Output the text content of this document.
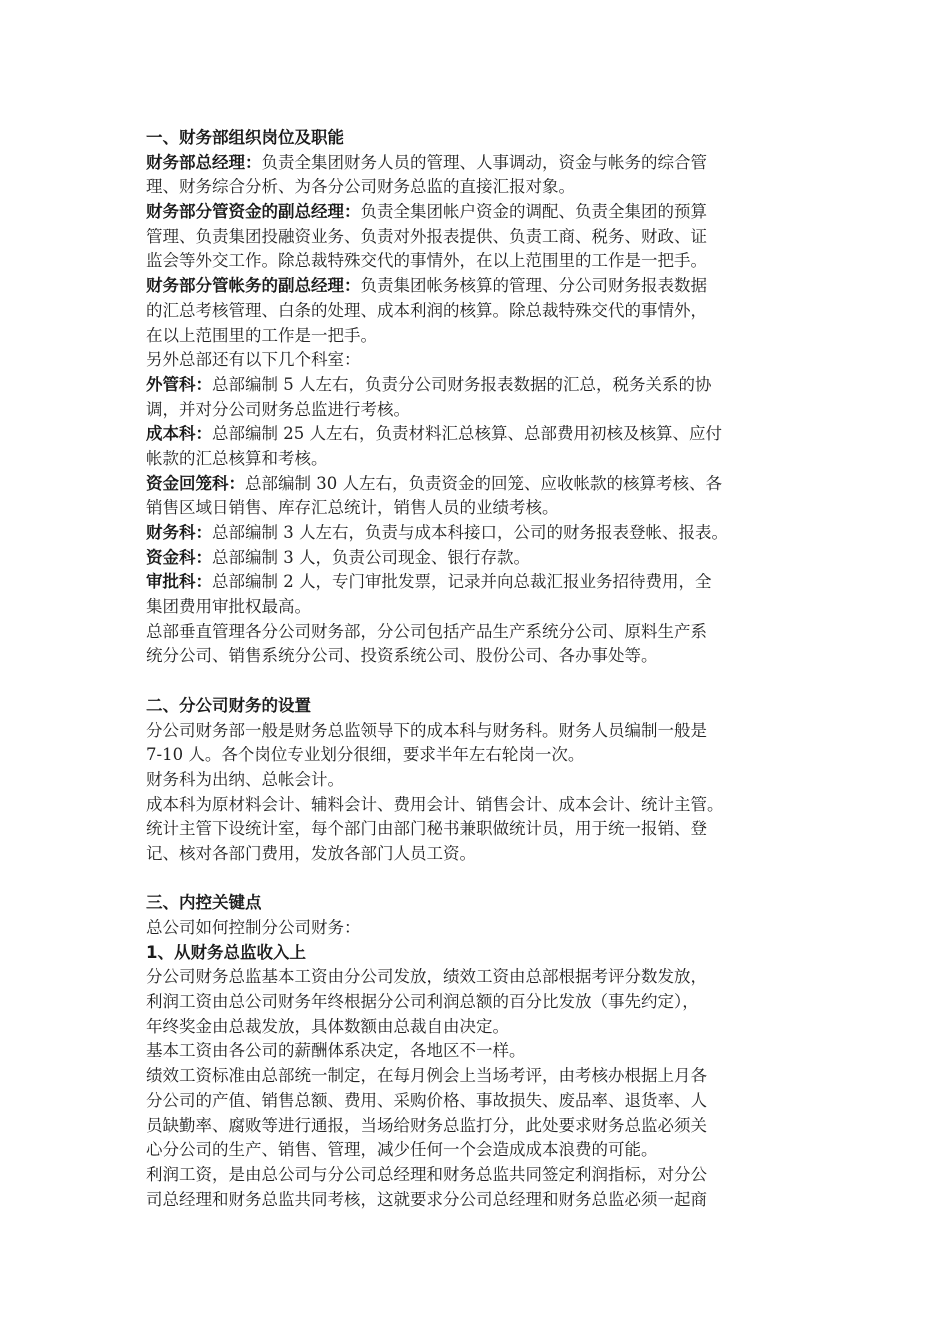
一、财务部组织岗位及职能
财务部总经理：负责全集团财务人员的管理、人事调动，资金与帐务的综合管
理、财务综合分析、为各分公司财务总监的直接汇报对象。
财务部分管资金的副总经理：负责全集团帐户资金的调配、负责全集团的预算
管理、负责集团投融资业务、负责对外报表提供、负责工商、税务、财政、证
监会等外交工作。除总裁特殊交代的事情外，在以上范围里的工作是一把手。
财务部分管帐务的副总经理：负责集团帐务核算的管理、分公司财务报表数据
的汇总考核管理、白条的处理、成本利润的核算。除总裁特殊交代的事情外，
在以上范围里的工作是一把手。
另外总部还有以下几个科室：
外管科：总部编制 5 人左右，负责分公司财务报表数据的汇总，税务关系的协
调，并对分公司财务总监进行考核。
成本科：总部编制 25 人左右，负责材料汇总核算、总部费用初核及核算、应付
帐款的汇总核算和考核。
资金回笼科：总部编制 30 人左右，负责资金的回笼、应收帐款的核算考核、各
销售区域日销售、库存汇总统计，销售人员的业绩考核。
财务科：总部编制 3 人左右，负责与成本科接口，公司的财务报表登帐、报表。
资金科：总部编制 3 人，负责公司现金、银行存款。
审批科：总部编制 2 人，专门审批发票，记录并向总裁汇报业务招待费用，全
集团费用审批权最高。
总部垂直管理各分公司财务部，分公司包括产品生产系统分公司、原料生产系
统分公司、销售系统分公司、投资系统公司、股份公司、各办事处等。
二、分公司财务的设置
分公司财务部一般是财务总监领导下的成本科与财务科。财务人员编制一般是
7-10 人。各个岗位专业划分很细，要求半年左右轮岗一次。
财务科为出纳、总帐会计。
成本科为原材料会计、辅料会计、费用会计、销售会计、成本会计、统计主管。
统计主管下设统计室，每个部门由部门秘书兼职做统计员，用于统一报销、登
记、核对各部门费用，发放各部门人员工资。
三、内控关键点
总公司如何控制分公司财务：
1、从财务总监收入上
分公司财务总监基本工资由分公司发放，绩效工资由总部根据考评分数发放，
利润工资由总公司财务年终根据分公司利润总额的百分比发放（事先约定），
年终奖金由总裁发放，具体数额由总裁自由决定。
基本工资由各公司的薪酬体系决定，各地区不一样。
绩效工资标准由总部统一制定，在每月例会上当场考评，由考核办根据上月各
分公司的产值、销售总额、费用、采购价格、事故损失、废品率、退货率、人
员缺勤率、腐败等进行通报，当场给财务总监打分，此处要求财务总监必须关
心分公司的生产、销售、管理，减少任何一个会造成成本浪费的可能。
利润工资，是由总公司与分公司总经理和财务总监共同签定利润指标，对分公
司总经理和财务总监共同考核，这就要求分公司总经理和财务总监必须一起商
